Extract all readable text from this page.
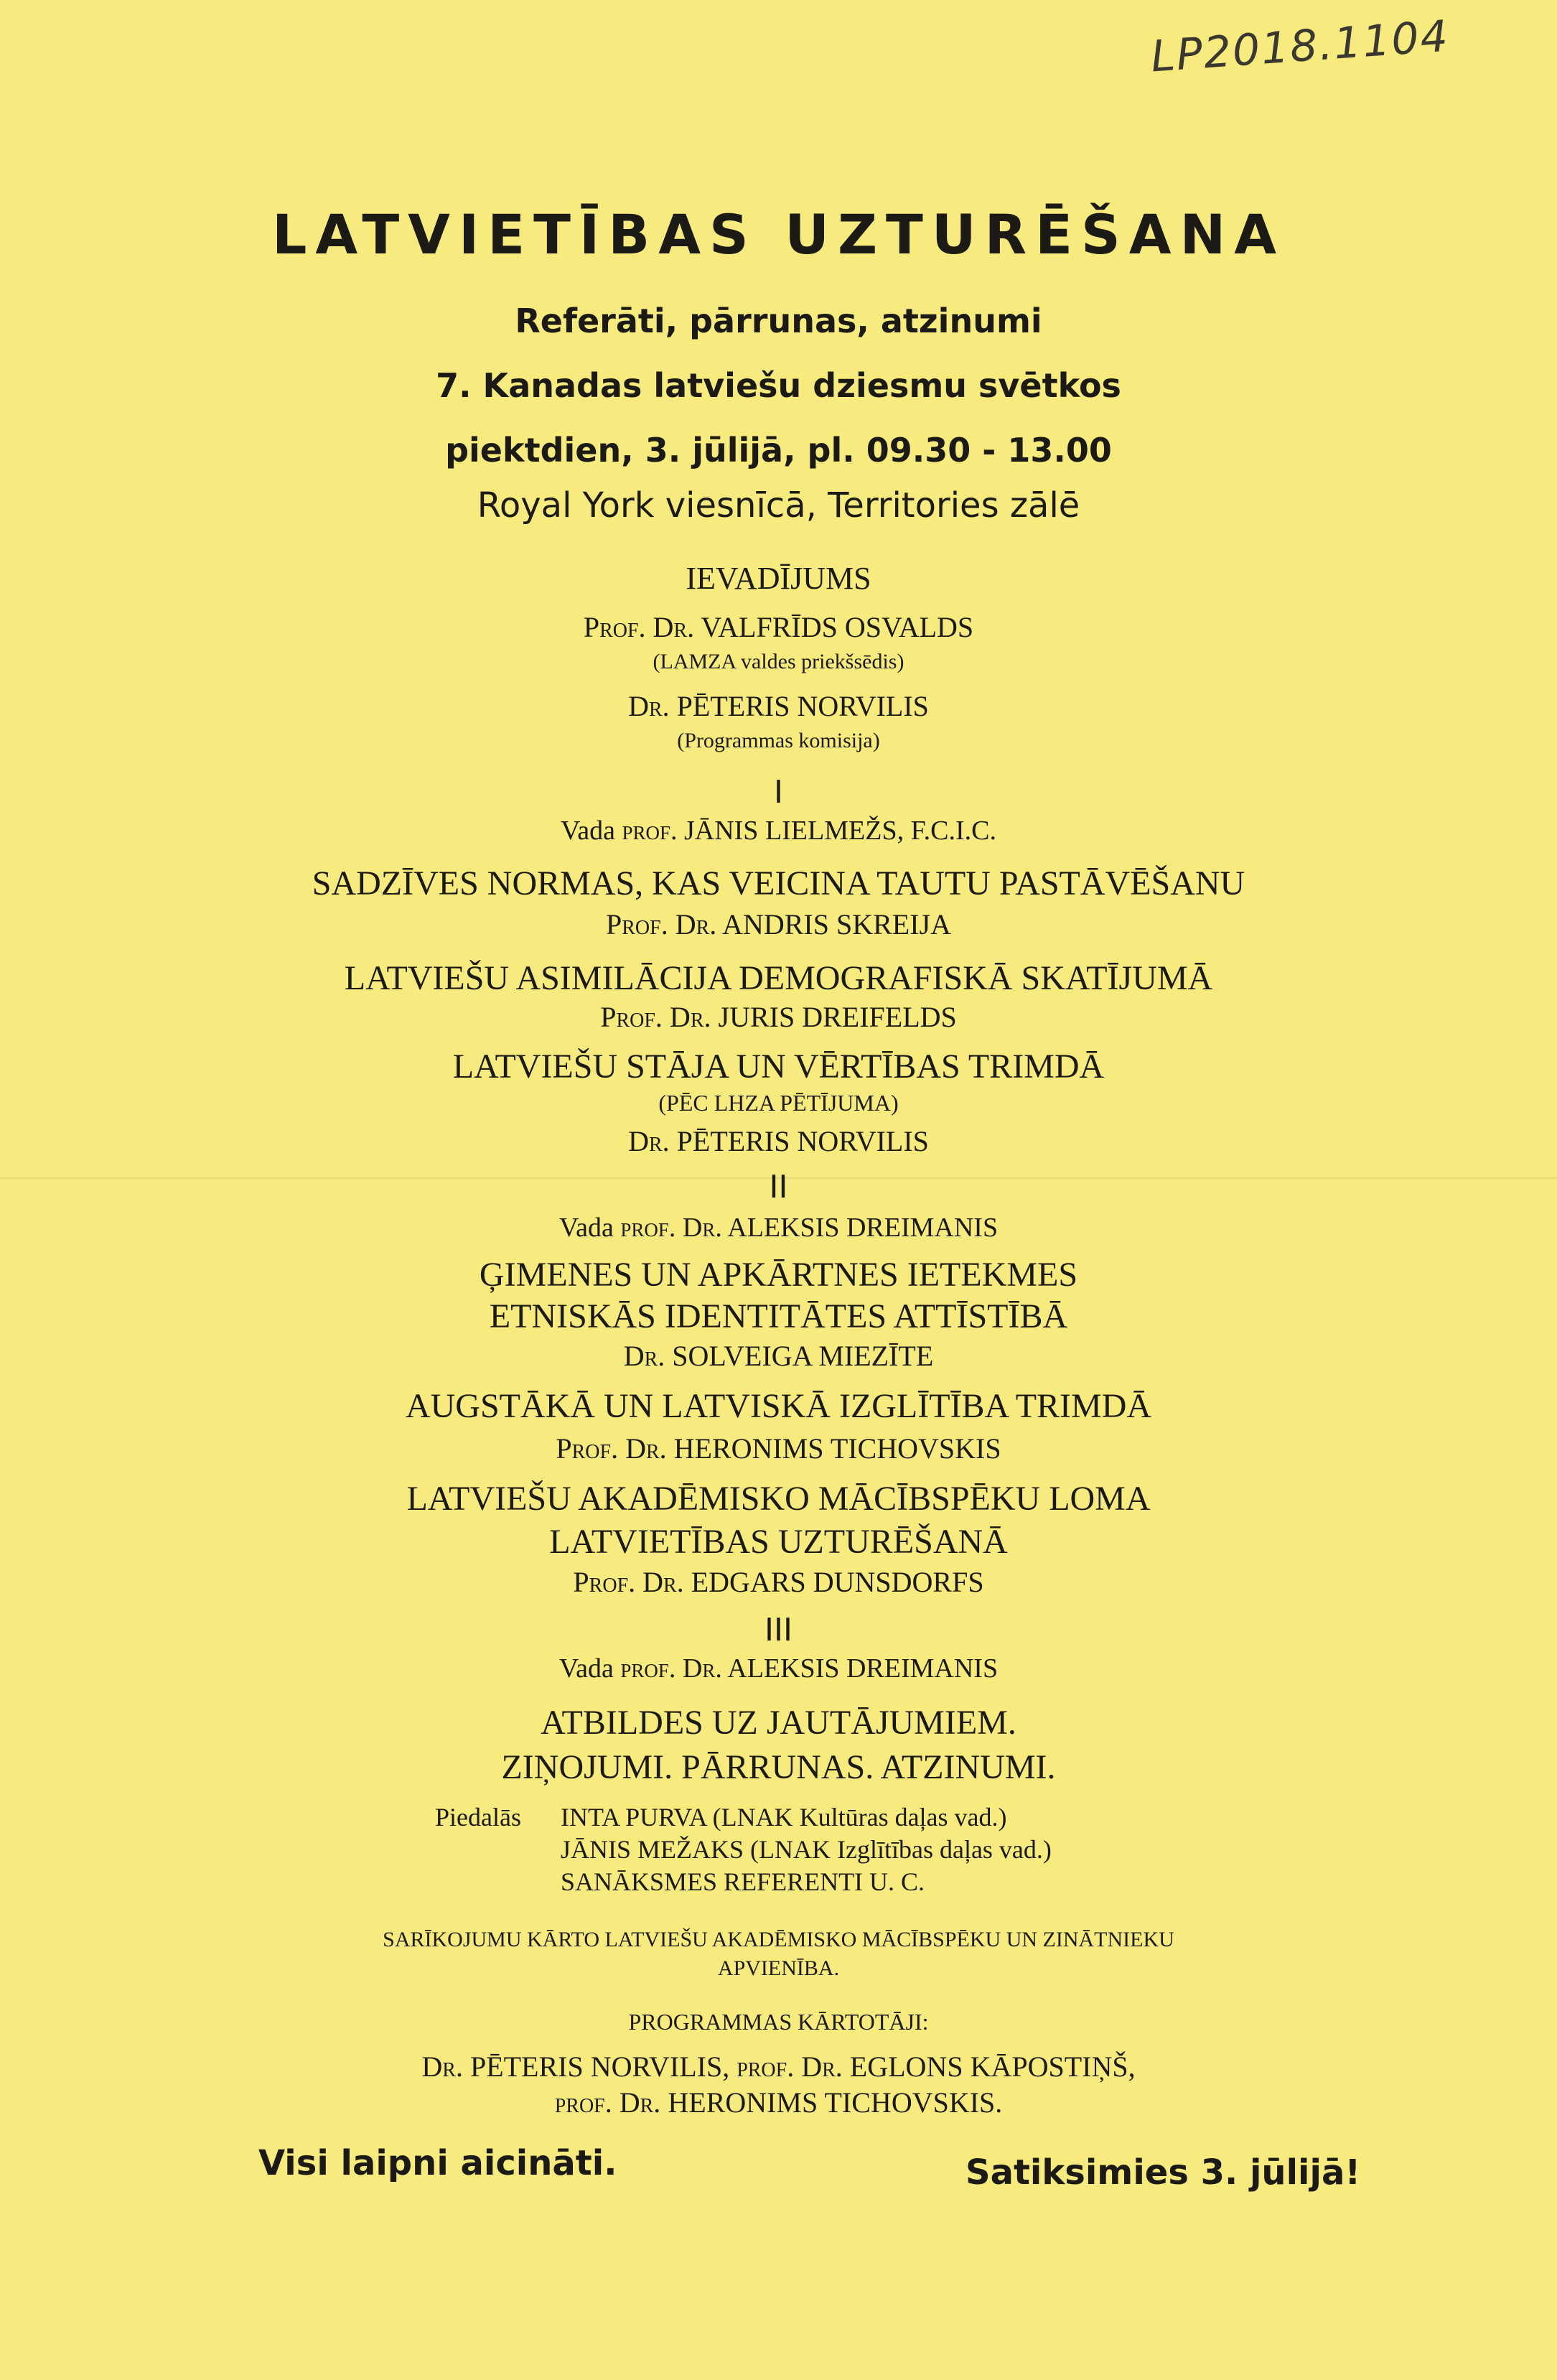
LP2018.1104
LATVIETĪBAS UZTURĒŠANA
Referāti, pārrunas, atzinumi
7. Kanadas latviešu dziesmu svētkos
piektdien, 3. jūlijā, pl. 09.30 - 13.00
Royal York viesnīcā, Territories zālē
IEVADĪJUMS
Prof. Dr. VALFRĪDS OSVALDS
(LAMZA valdes priekšsēdis)
Dr. PĒTERIS NORVILIS
(Programmas komisija)
I
Vada prof. JĀNIS LIELMEŽS, F.C.I.C.
SADZĪVES NORMAS, KAS VEICINA TAUTU PASTĀVĒŠANU
Prof. Dr. ANDRIS SKREIJA
LATVIEŠU ASIMILĀCIJA DEMOGRAFISKĀ SKATĪJUMĀ
Prof. Dr. JURIS DREIFELDS
LATVIEŠU STĀJA UN VĒRTĪBAS TRIMDĀ
(PĒC LHZA PĒTĪJUMA)
Dr. PĒTERIS NORVILIS
II
Vada prof. Dr. ALEKSIS DREIMANIS
ĢIMENES UN APKĀRTNES IETEKMES
ETNISKĀS IDENTITĀTES ATTĪSTĪBĀ
Dr. SOLVEIGA MIEZĪTE
AUGSTĀKĀ UN LATVISKĀ IZGLĪTĪBA TRIMDĀ
Prof. Dr. HERONIMS TICHOVSKIS
LATVIEŠU AKADĒMISKO MĀCĪBSPĒKU LOMA
LATVIETĪBAS UZTURĒŠANĀ
Prof. Dr. EDGARS DUNSDORFS
III
Vada prof. Dr. ALEKSIS DREIMANIS
ATBILDES UZ JAUTĀJUMIEM.
ZIŅOJUMI. PĀRRUNAS. ATZINUMI.
Piedalās INTA PURVA (LNAK Kultūras daļas vad.)
JĀNIS MEŽAKS (LNAK Izglītības daļas vad.)
SANĀKSMES REFERENTI U. C.
SARĪKOJUMU KĀRTO LATVIEŠU AKADĒMISKO MĀCĪBSPĒKU UN ZINĀTNIEKU
APVIENĪBA.
PROGRAMMAS KĀRTOTĀJI:
Dr. PĒTERIS NORVILIS, prof. Dr. EGLONS KĀPOSTIŅŠ,
prof. Dr. HERONIMS TICHOVSKIS.
Visi laipni aicināti.	Satiksimies 3. jūlijā!
